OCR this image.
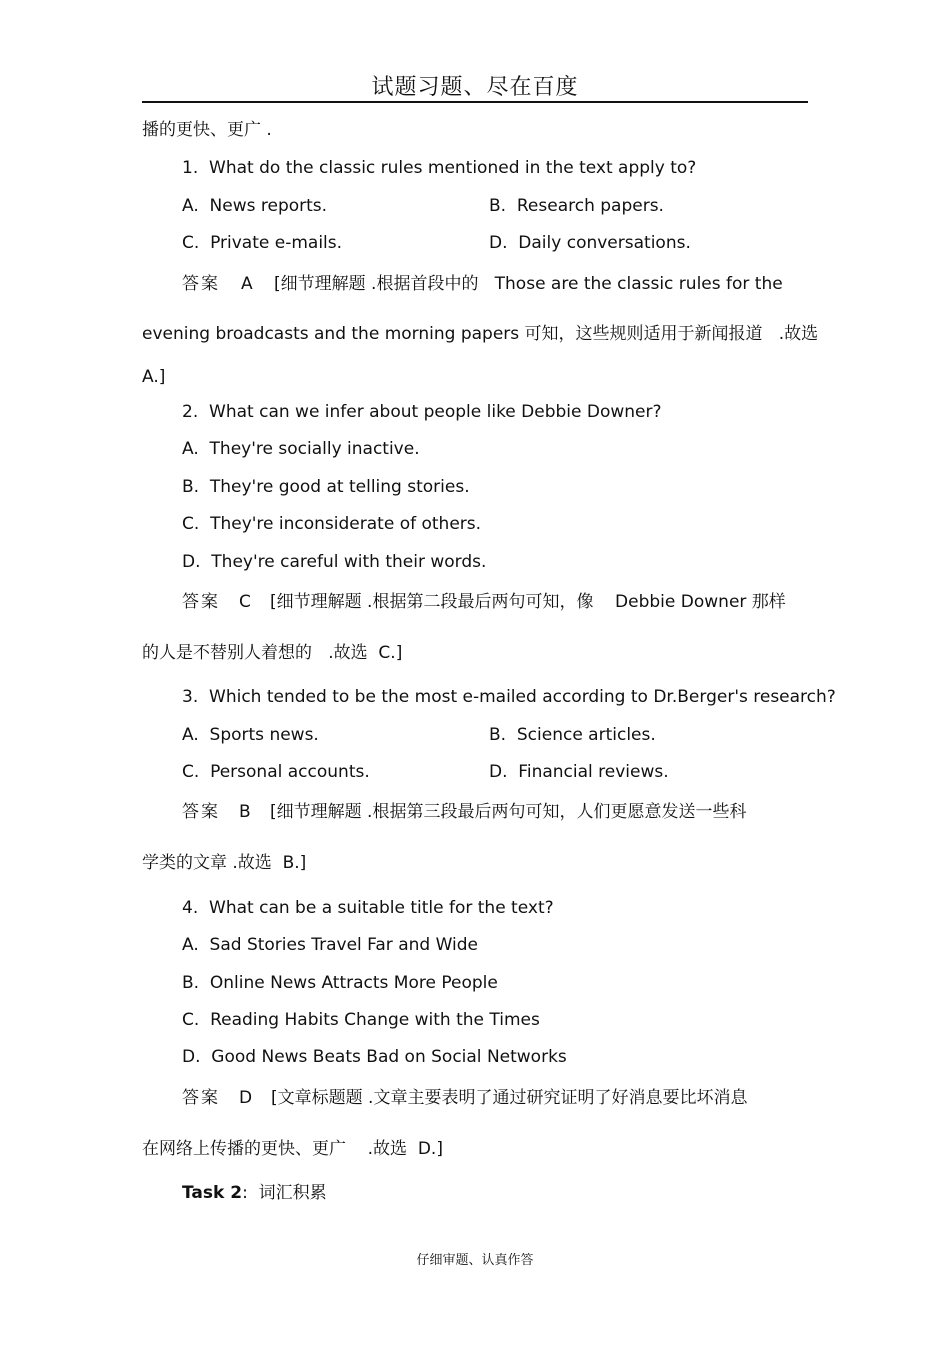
试题习题、尽在百度
播的更快、更广 .
1.  What do the classic rules mentioned in the text apply to?
A.  News reports.	B.  Research papers.
C.  Private e-mails.	D.  Daily conversations.
答案 A [细节理解题 .根据首段中的   Those are the classic rules for the
evening broadcasts and the morning papers 可知，这些规则适用于新闻报道   .故选
A.]
2.  What can we infer about people like Debbie Downer?
A.  They're socially inactive.
B.  They're good at telling stories.
C.  They're inconsiderate of others.
D.  They're careful with their words.
答案 C [细节理解题 .根据第二段最后两句可知，像    Debbie Downer 那样
的人是不替别人着想的   .故选  C.]
3.  Which tended to be the most e-mailed according to Dr.Berger's research?
A.  Sports news.	B.  Science articles.
C.  Personal accounts.	D.  Financial reviews.
答案 B [细节理解题 .根据第三段最后两句可知，人们更愿意发送一些科
学类的文章 .故选  B.]
4.  What can be a suitable title for the text?
A.  Sad Stories Travel Far and Wide
B.  Online News Attracts More People
C.  Reading Habits Change with the Times
D.  Good News Beats Bad on Social Networks
答案 D [文章标题题 .文章主要表明了通过研究证明了好消息要比坏消息
在网络上传播的更快、更广    .故选  D.]
Task 2:  词汇积累
仔细审题、认真作答
